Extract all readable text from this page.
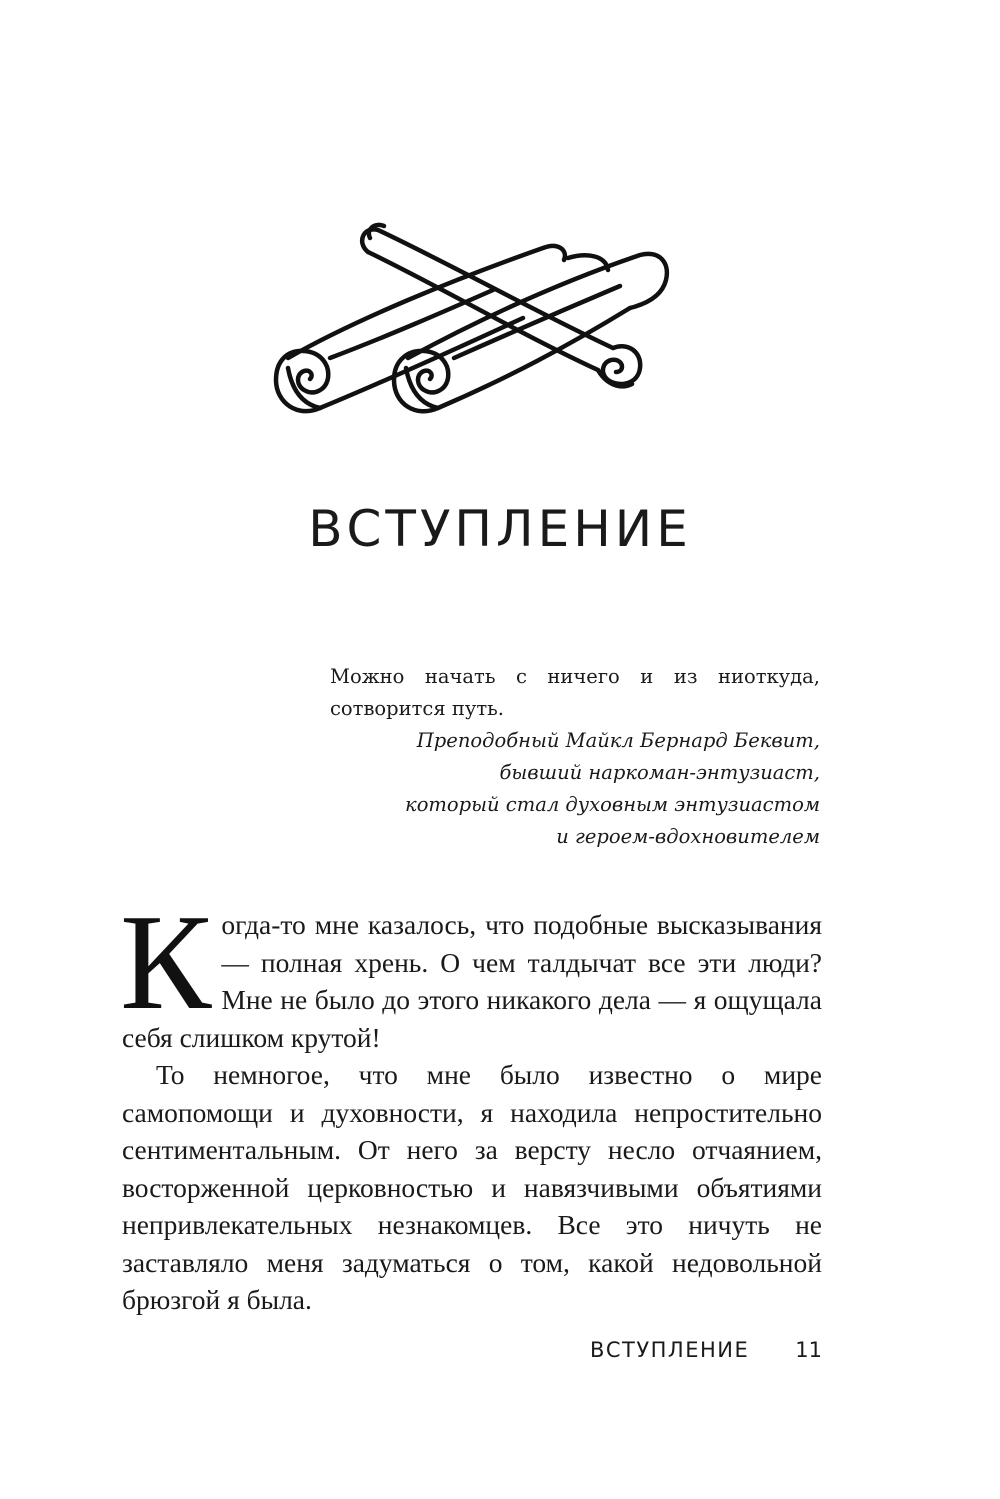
ВСТУПЛЕНИЕ

Можно начать с ничего и из ниоткуда, сотворится путь.

Преподобный Майкл Бернард Беквит,
бывший наркоман-энтузиаст,
который стал духовным энтузиастом
и героем-вдохновителем

Когда-то мне казалось, что подобные высказывания — полная хрень. О чем талдычат все эти люди? Мне не было до этого никакого дела — я ощущала себя слишком крутой!

То немногое, что мне было известно о мире самопомощи и духовности, я находила непростительно сентиментальным. От него за версту несло отчаянием, восторженной церковностью и навязчивыми объятиями непривлекательных незнакомцев. Все это ничуть не заставляло меня задуматься о том, какой недовольной брюзгой я была.

ВСТУПЛЕНИЕ 11
